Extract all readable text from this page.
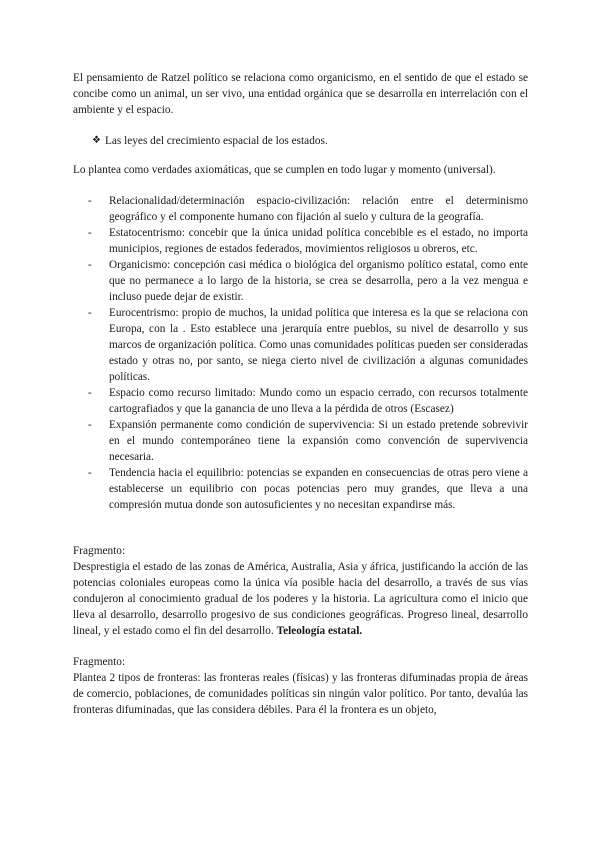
El pensamiento de Ratzel político se relaciona como organicismo, en el sentido de que el estado se concibe como un animal, un ser vivo, una entidad orgánica que se desarrolla en interrelación con el ambiente y el espacio.

❖ Las leyes del crecimiento espacial de los estados.

Lo plantea como verdades axiomáticas, que se cumplen en todo lugar y momento (universal).

-	Relacionalidad/determinación espacio-civilización: relación entre el determinismo geográfico y el componente humano con fijación al suelo y cultura de la geografía.
-	Estatocentrismo: concebir que la única unidad política concebible es el estado, no importa municipios, regiones de estados federados, movimientos religiosos u obreros, etc.
-	Organicismo: concepción casi médica o biológica del organismo político estatal, como ente que no permanece a lo largo de la historia, se crea se desarrolla, pero a la vez mengua e incluso puede dejar de existir.
-	Eurocentrismo: propio de muchos, la unidad política que interesa es la que se relaciona con Europa, con la . Esto establece una jerarquía entre pueblos, su nivel de desarrollo y sus marcos de organización política. Como unas comunidades políticas pueden ser consideradas estado y otras no, por santo, se niega cierto nivel de civilización a algunas comunidades políticas.
-	Espacio como recurso limitado: Mundo como un espacio cerrado, con recursos totalmente cartografiados y que la ganancia de uno lleva a la pérdida de otros (Escasez)
-	Expansión permanente como condición de supervivencia: Si un estado pretende sobrevivir en el mundo contemporáneo tiene la expansión como convención de supervivencia necesaria.
-	Tendencia hacia el equilibrio: potencias se expanden en consecuencias de otras pero viene a establecerse un equilibrio con pocas potencias pero muy grandes, que lleva a una compresión mutua donde son autosuficientes y no necesitan expandirse más.

Fragmento:

Desprestigia el estado de las zonas de América, Australia, Asia y áfrica, justificando la acción de las potencias coloniales europeas como la única vía posible hacia del desarrollo, a través de sus vías condujeron al conocimiento gradual de los poderes y la historia. La agricultura como el inicio que lleva al desarrollo, desarrollo progesivo de sus condiciones geográficas. Progreso lineal, desarrollo lineal, y el estado como el fin del desarrollo. Teleología estatal.

Fragmento:

Plantea 2 tipos de fronteras: las fronteras reales (físicas) y las fronteras difuminadas propia de áreas de comercio, poblaciones, de comunidades políticas sin ningún valor político. Por tanto, devalúa las fronteras difuminadas, que las considera débiles. Para él la frontera es un objeto,
